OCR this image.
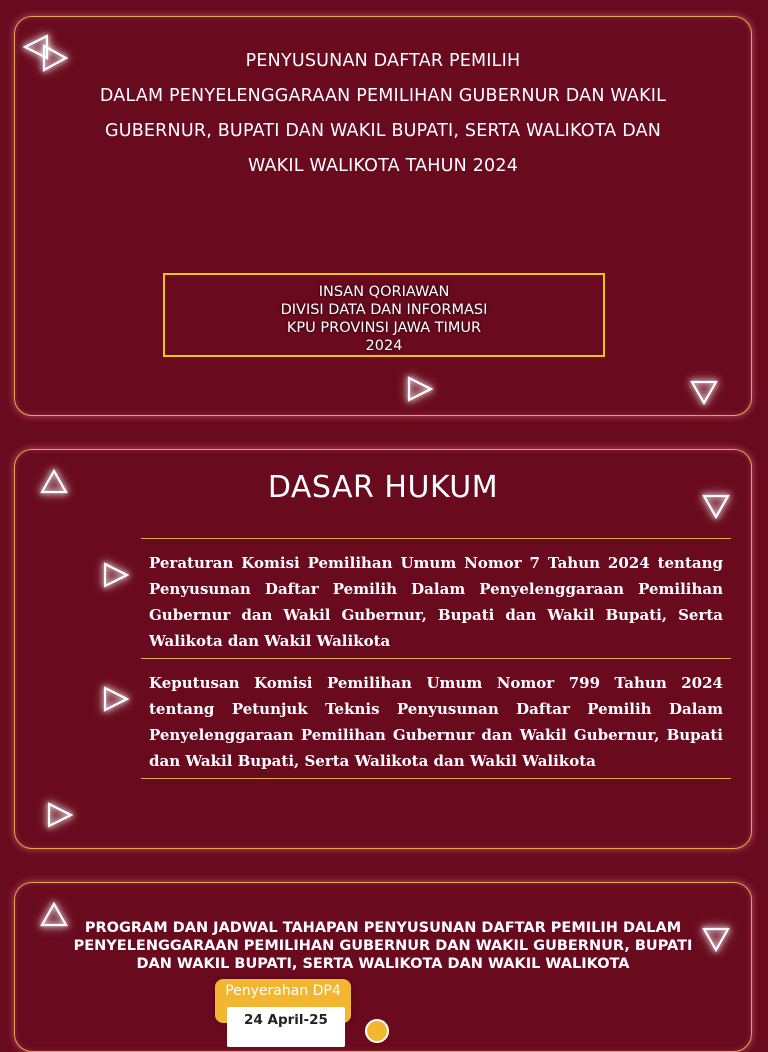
PENYUSUNAN DAFTAR PEMILIH
DALAM PENYELENGGARAAN PEMILIHAN GUBERNUR DAN WAKIL
GUBERNUR, BUPATI DAN WAKIL BUPATI, SERTA WALIKOTA DAN
WAKIL WALIKOTA TAHUN 2024
INSAN QORIAWAN
DIVISI DATA DAN INFORMASI
KPU PROVINSI JAWA TIMUR
2024
DASAR HUKUM
Peraturan Komisi Pemilihan Umum Nomor 7 Tahun 2024 tentang Penyusunan Daftar Pemilih Dalam Penyelenggaraan Pemilihan Gubernur dan Wakil Gubernur, Bupati dan Wakil Bupati, Serta Walikota dan Wakil Walikota
Keputusan Komisi Pemilihan Umum Nomor 799 Tahun 2024 tentang Petunjuk Teknis Penyusunan Daftar Pemilih Dalam Penyelenggaraan Pemilihan Gubernur dan Wakil Gubernur, Bupati dan Wakil Bupati, Serta Walikota dan Wakil Walikota
PROGRAM DAN JADWAL TAHAPAN PENYUSUNAN DAFTAR PEMILIH DALAM PENYELENGGARAAN PEMILIHAN GUBERNUR DAN WAKIL GUBERNUR, BUPATI DAN WAKIL BUPATI, SERTA WALIKOTA DAN WAKIL WALIKOTA
Penyerahan DP4
24 April-25
